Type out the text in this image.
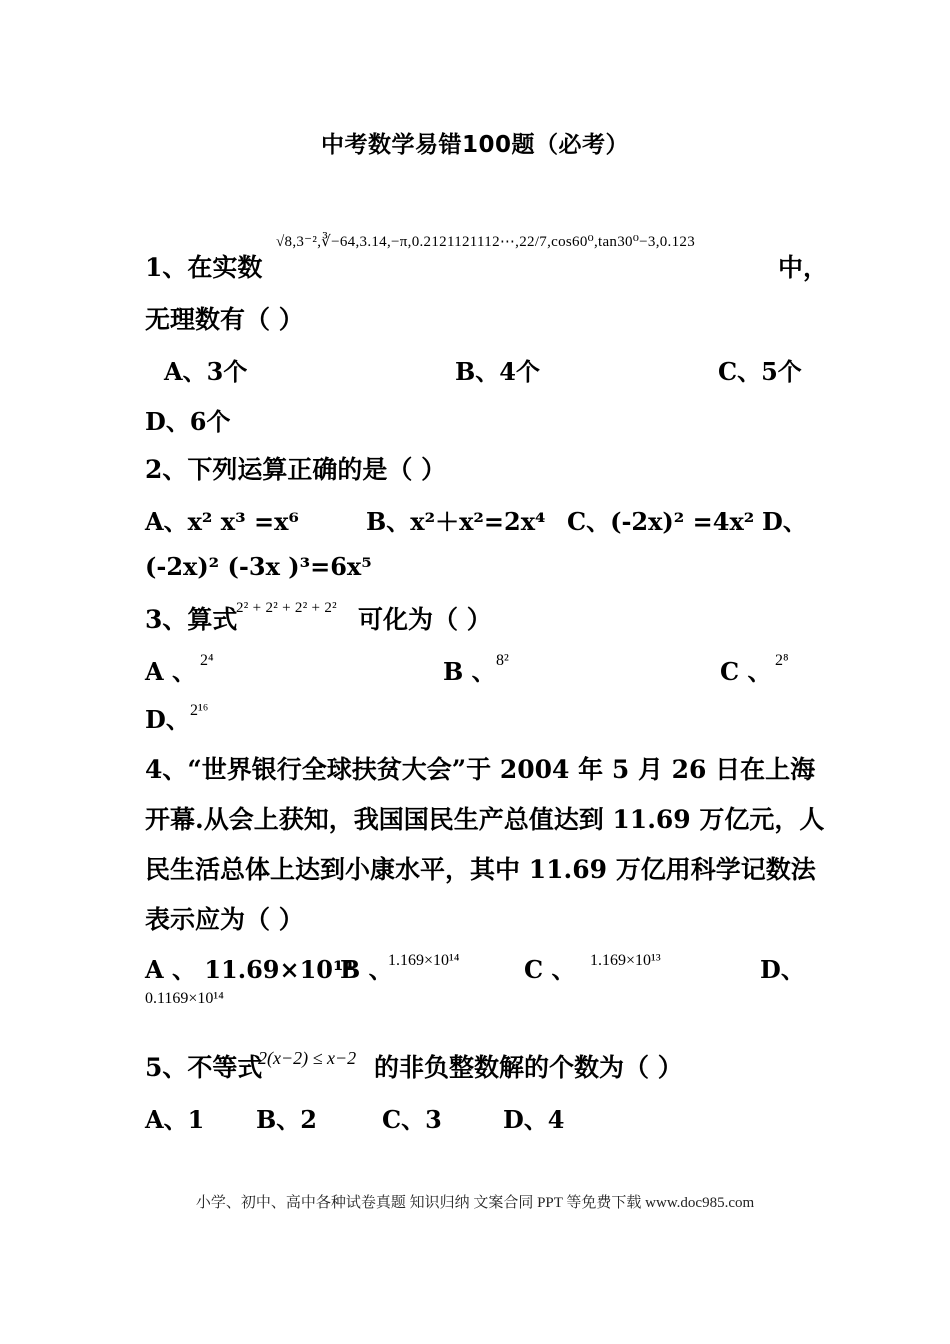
中考数学易错100题（必考）
1、在实数
√8,3⁻²,∛−64,3.14,−π,0.2121121112⋯,22/7,cos60⁰,tan30⁰−3,0.123
中，
无理数有（ ）
A、3个	B、4个	C、5个
D、6个
2、下列运算正确的是（ ）
A、x² x³ =x⁶	B、x²＋x²=2x⁴ C、(-2x)² =4x² D、
(-2x)² (-3x )³=6x⁵
3、算式
2² + 2² + 2² + 2² 可化为（ ）
A 、 2⁴	B 、 8²	C 、 2⁸
D、 2¹⁶
4、“世界银行全球扶贫大会”于 2004 年 5 月 26 日在上海
开幕.从会上获知，我国国民生产总值达到 11.69 万亿元，人
民生活总体上达到小康水平，其中 11.69 万亿用科学记数法
表示应为（ ）
A 、 11.69×10¹⁴
B 、
1.169×10¹⁴	C 、 1.169×10¹³	D、
0.1169×10¹⁴
5、不等式
2(x−2) ≤ x−2 的非负整数解的个数为（ ）
A、1 B、2	C、3	D、4
小学、初中、高中各种试卷真题 知识归纳 文案合同 PPT 等免费下载 www.doc985.com
